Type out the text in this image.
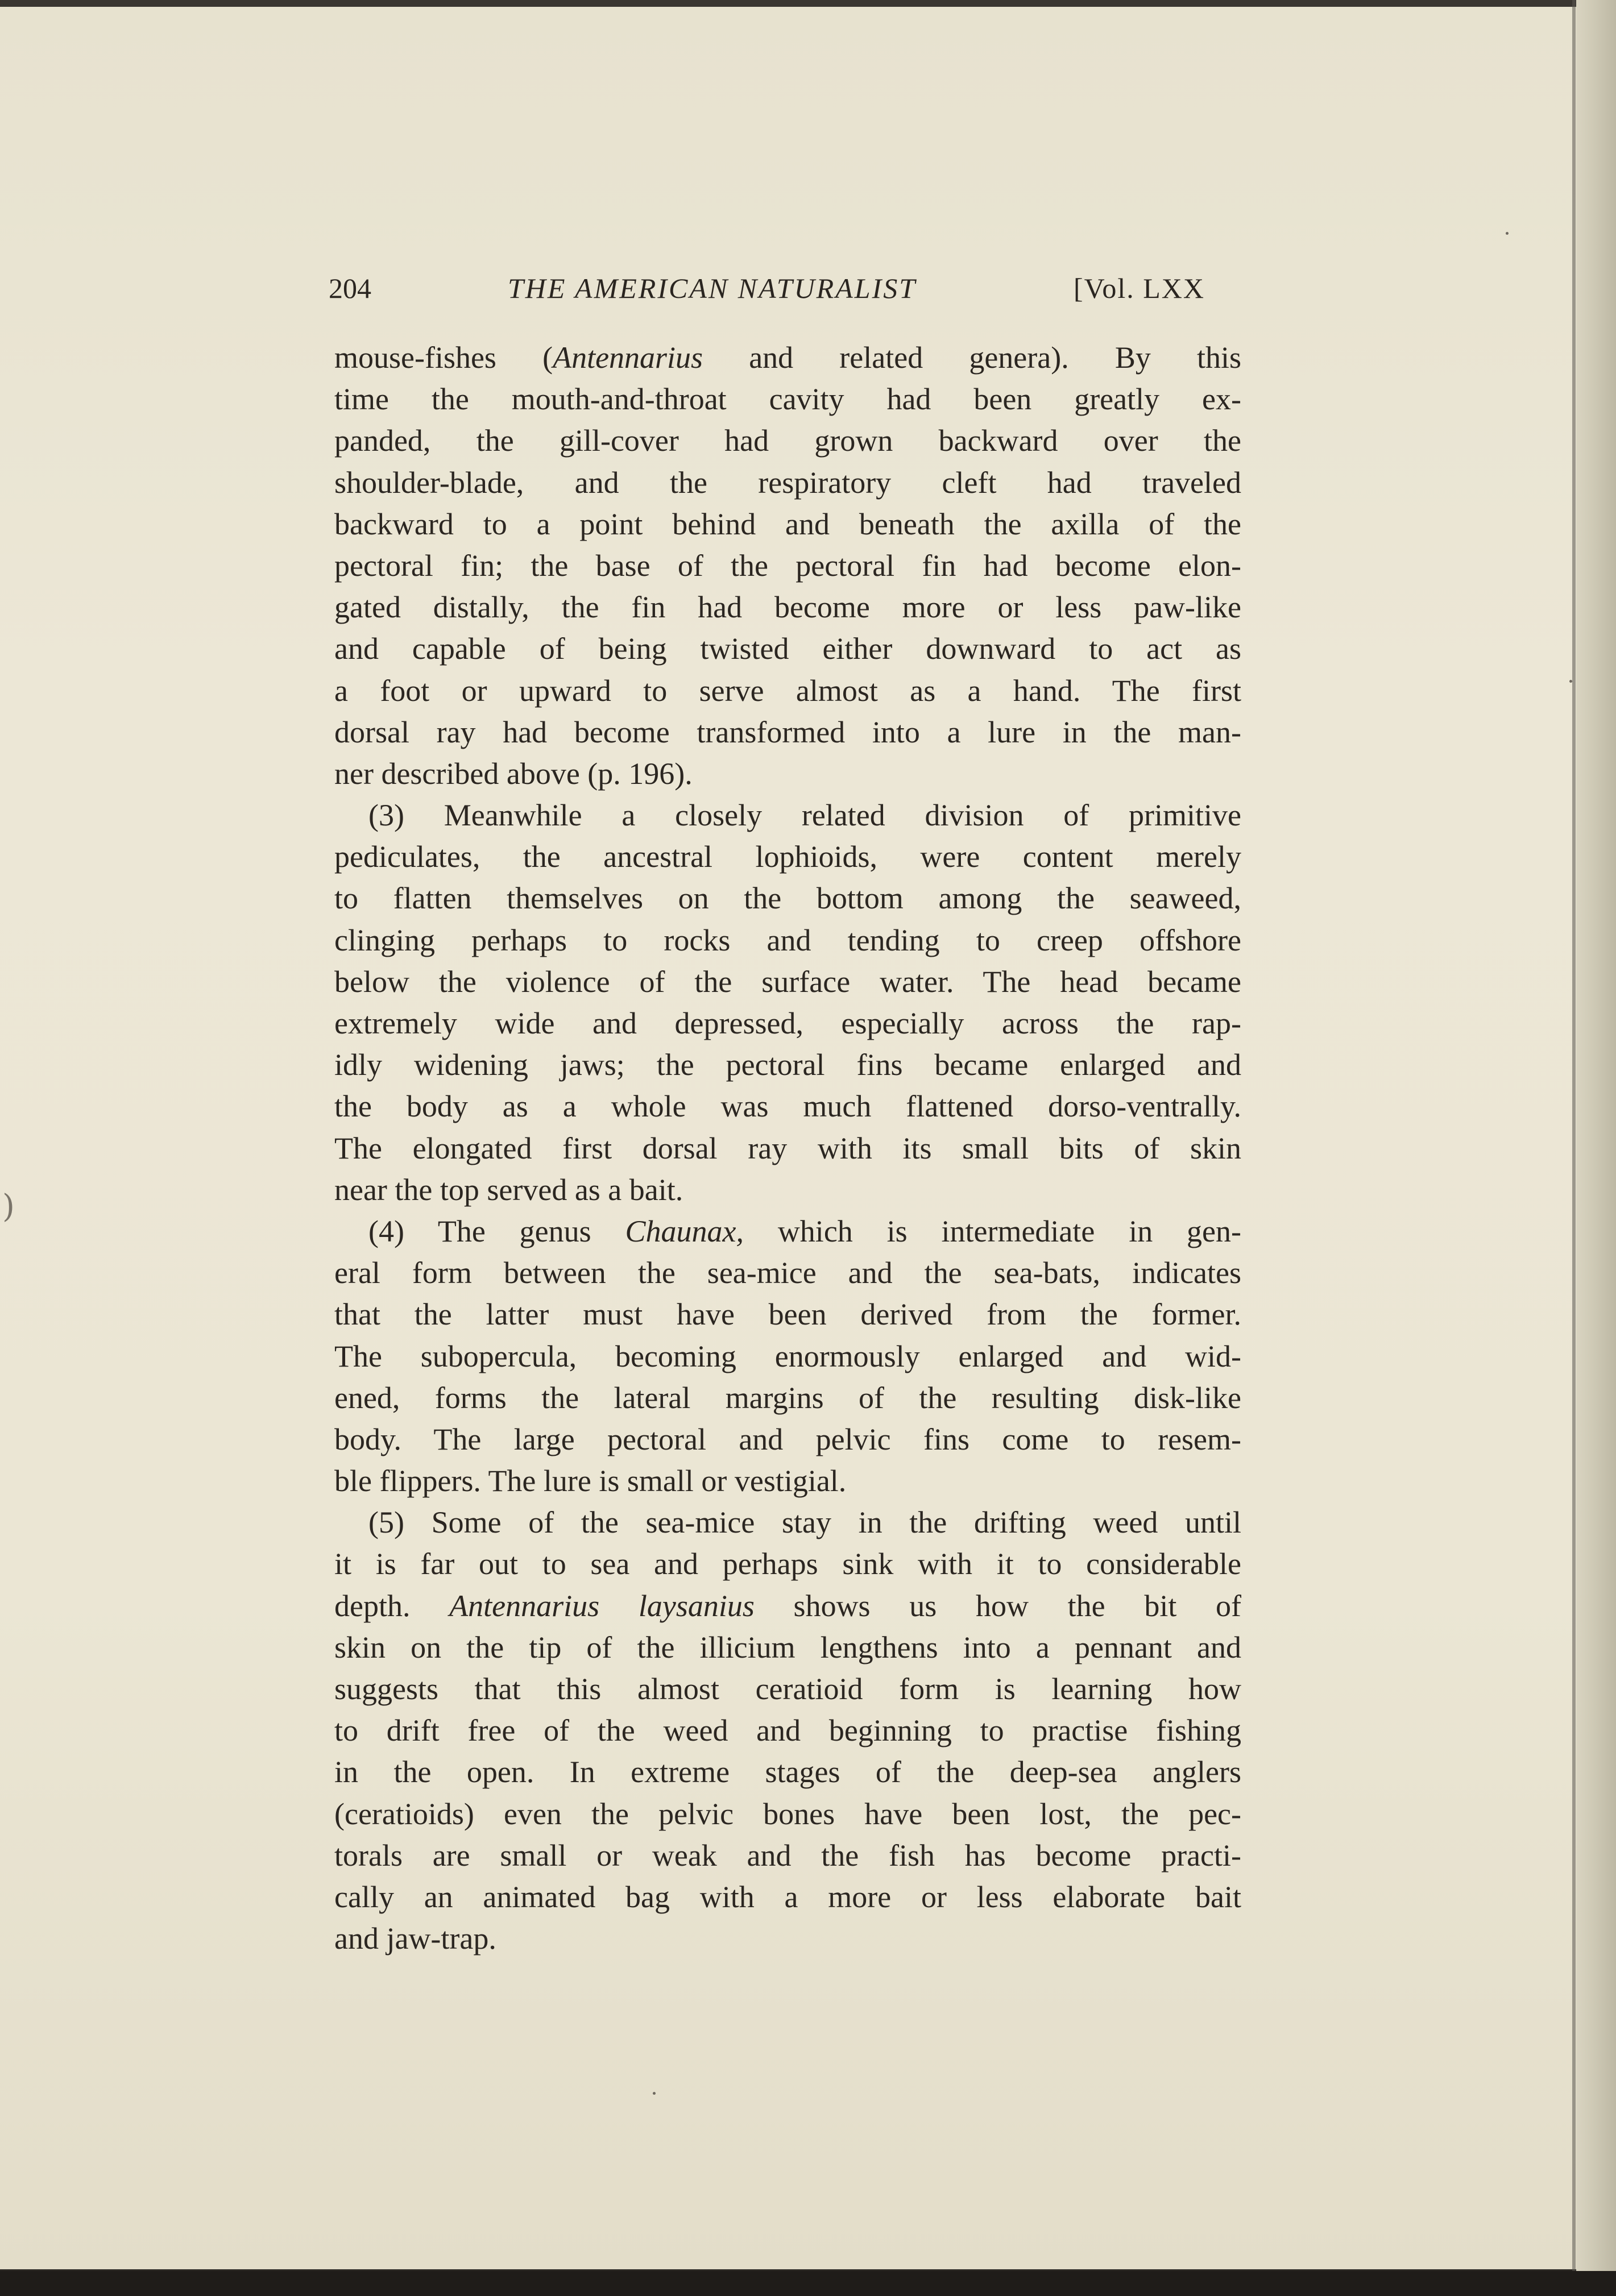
204	THE AMERICAN NATURALIST	[Vol. LXX
mouse-fishes (Antennarius and related genera). By this
time the mouth-and-throat cavity had been greatly ex-
panded, the gill-cover had grown backward over the
shoulder-blade, and the respiratory cleft had traveled
backward to a point behind and beneath the axilla of the
pectoral fin; the base of the pectoral fin had become elon-
gated distally, the fin had become more or less paw-like
and capable of being twisted either downward to act as
a foot or upward to serve almost as a hand. The first
dorsal ray had become transformed into a lure in the man-
ner described above (p. 196).
(3) Meanwhile a closely related division of primitive
pediculates, the ancestral lophioids, were content merely
to flatten themselves on the bottom among the seaweed,
clinging perhaps to rocks and tending to creep offshore
below the violence of the surface water. The head became
extremely wide and depressed, especially across the rap-
idly widening jaws; the pectoral fins became enlarged and
the body as a whole was much flattened dorso-ventrally.
The elongated first dorsal ray with its small bits of skin
near the top served as a bait.
(4) The genus Chaunax, which is intermediate in gen-
eral form between the sea-mice and the sea-bats, indicates
that the latter must have been derived from the former.
The subopercula, becoming enormously enlarged and wid-
ened, forms the lateral margins of the resulting disk-like
body. The large pectoral and pelvic fins come to resem-
ble flippers. The lure is small or vestigial.
(5) Some of the sea-mice stay in the drifting weed until
it is far out to sea and perhaps sink with it to considerable
depth. Antennarius laysanius shows us how the bit of
skin on the tip of the illicium lengthens into a pennant and
suggests that this almost ceratioid form is learning how
to drift free of the weed and beginning to practise fishing
in the open. In extreme stages of the deep-sea anglers
(ceratioids) even the pelvic bones have been lost, the pec-
torals are small or weak and the fish has become practi-
cally an animated bag with a more or less elaborate bait
and jaw-trap.
)
